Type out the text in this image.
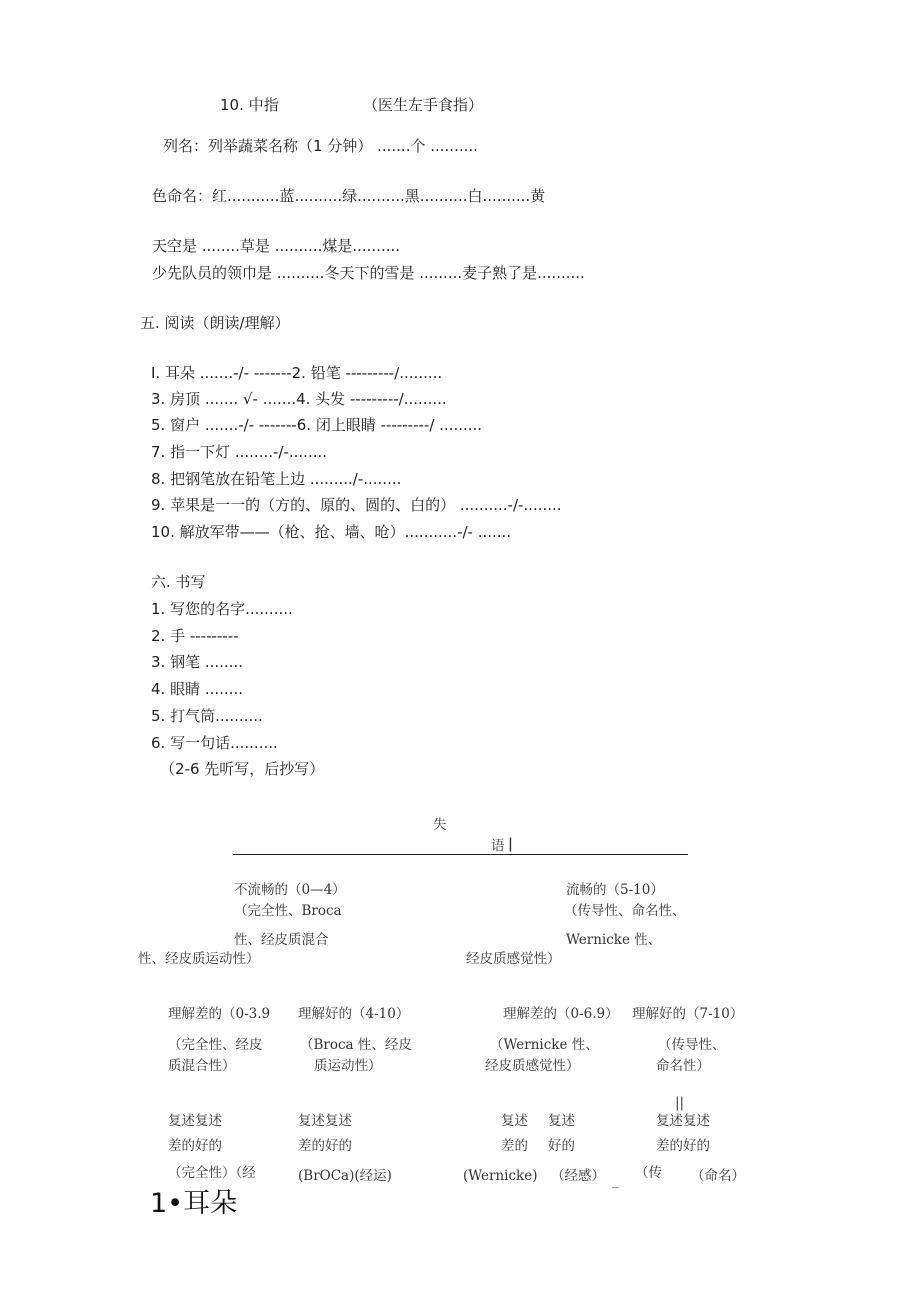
10. 中指	（医生左手食指）
列名：列举蔬菜名称（1 分钟） .......个 ..........
色命名：红...........蓝..........绿..........黑..........白..........黄
天空是 ........草是 ..........煤是..........
少先队员的领巾是 ..........冬天下的雪是 .........麦子熟了是..........
五. 阅读（朗读/理解）
I. 耳朵 .......-/- -------2. 铅笔 ---------/.........
3. 房顶 ....... √- .......4. 头发 ---------/.........
5. 窗户 .......-/- -------6. 闭上眼睛 ---------/ .........
7. 指一下灯 ........-/-........
8. 把钢笔放在铅笔上边 ........./-........
9. 苹果是一一的（方的、原的、圆的、白的） ..........-/-........
10. 解放军带——（枪、抢、墙、呛）...........-/- .......
六. 书写
1. 写您的名字..........
2. 手 ---------
3. 钢笔 ........
4. 眼睛 ........
5. 打气筒..........
6. 写一句话..........
（2-6 先听写，后抄写）
失
语 |
不流畅的（0—4）
（完全性、Broca
性、经皮质混合
性、经皮质运动性）
流畅的（5-10）
（传导性、命名性、
Wernicke 性、
经皮质感觉性）
理解差的（0-3.9
（完全性、经皮
质混合性）
理解好的（4-10）
（Broca 性、经皮
质运动性）
理解差的（0-6.9）
（Wernicke 性、
经皮质感觉性）
理解好的（7-10）
（传导性、
命名性）
||
复述复述	复述复述	复述 复述	复述复述
差的好的	差的好的	差的 好的	差的好的
（完全性）（经	(BrOCa)(经运)	(Wernicke) （经感） _ （传 （命名）
1•耳朵
